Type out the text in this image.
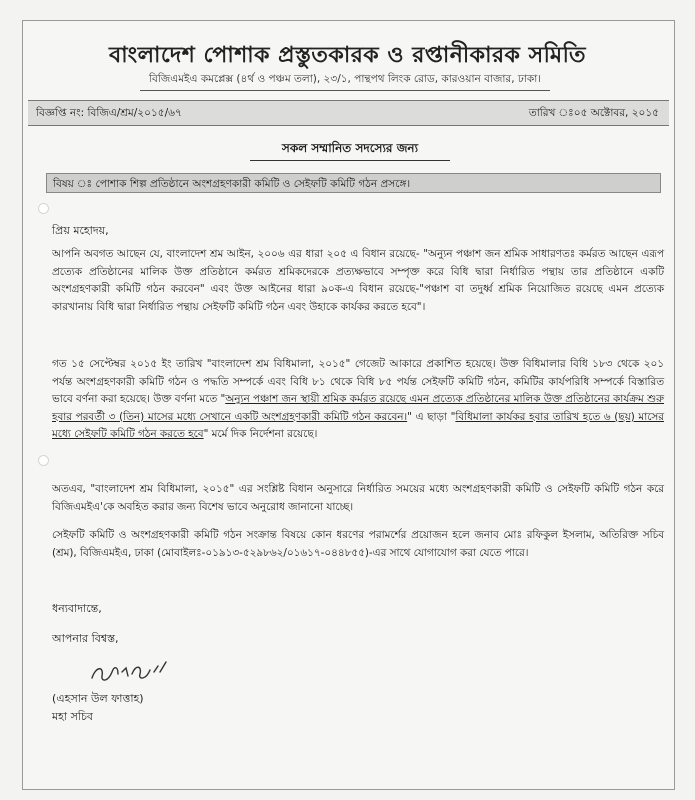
বাংলাদেশ পোশাক প্রস্তুতকারক ও রপ্তানীকারক সমিতি
বিজিএমইএ কমপ্লেক্স (৪র্থ ও পঞ্চম তলা), ২৩/১, পান্থপথ লিংক রোড, কারওয়ান বাজার, ঢাকা।
বিজ্ঞপ্তি নং: বিজিএ/শ্রম/২০১৫/৬৭	তারিখ ঃ০৫ অক্টোবর, ২০১৫
সকল সম্মানিত সদস্যের জন্য
বিষয় ঃ পোশাক শিল্প প্রতিষ্ঠানে অংশগ্রহণকারী কমিটি ও সেইফটি কমিটি গঠন প্রসঙ্গে।
প্রিয় মহোদয়,
আপনি অবগত আছেন যে, বাংলাদেশ শ্রম আইন, ২০০৬ এর ধারা ২০৫ এ বিধান রয়েছে- "অন্যুন পঞ্চাশ জন শ্রমিক সাধারণতঃ কর্মরত আছেন এরূপ প্রত্যেক প্রতিষ্ঠানের মালিক উক্ত প্রতিষ্ঠানে কর্মরত শ্রমিকদেরকে প্রত্যক্ষভাবে সম্পৃক্ত করে বিধি দ্বারা নির্ধারিত পন্থায় তার প্রতিষ্ঠানে একটি অংশগ্রহণকারী কমিটি গঠন করবেন" এবং উক্ত আইনের ধারা ৯০ক-এ বিধান রয়েছে-"পঞ্চাশ বা তদুর্ধ্ব শ্রমিক নিয়োজিত রয়েছে এমন প্রত্যেক কারখানায় বিধি দ্বারা নির্ধারিত পন্থায় সেইফটি কমিটি গঠন এবং উহাকে কার্যকর করতে হবে"।
গত ১৫ সেপ্টেম্বর ২০১৫ ইং তারিখ "বাংলাদেশ শ্রম বিধিমালা, ২০১৫" গেজেট আকারে প্রকাশিত হয়েছে। উক্ত বিধিমালার বিধি ১৮৩ থেকে ২০১ পর্যন্ত অংশগ্রহণকারী কমিটি গঠন ও পদ্ধতি সম্পর্কে এবং বিধি ৮১ থেকে বিধি ৮৫ পর্যন্ত সেইফটি কমিটি গঠন, কমিটির কার্যপরিধি সম্পর্কে বিস্তারিত ভাবে বর্ণনা করা হয়েছে। উক্ত বর্ণনা মতে "অন্যুন পঞ্চাশ জন স্থায়ী শ্রমিক কর্মরত রয়েছে এমন প্রত্যেক প্রতিষ্ঠানের মালিক উক্ত প্রতিষ্ঠানের কার্যক্রম শুরু হবার পরবর্তী ৩ (তিন) মাসের মধ্যে সেখানে একটি অংশগ্রহণকারী কমিটি গঠন করবেন।" এ ছাড়া "বিধিমালা কার্যকর হবার তারিখ হতে ৬ (ছয়) মাসের মধ্যে সেইফটি কমিটি গঠন করতে হবে" মর্মে দিক নির্দেশনা রয়েছে।
অতএব, "বাংলাদেশ শ্রম বিধিমালা, ২০১৫" এর সংশ্লিষ্ট বিধান অনুসারে নির্ধারিত সময়ের মধ্যে অংশগ্রহণকারী কমিটি ও সেইফটি কমিটি গঠন করে বিজিএমইএ'কে অবহিত করার জন্য বিশেষ ভাবে অনুরোধ জানানো যাচ্ছে।
সেইফটি কমিটি ও অংশগ্রহণকারী কমিটি গঠন সংক্রান্ত বিষয়ে কোন ধরণের পরামর্শের প্রয়োজন হলে জনাব মোঃ রফিকুল ইসলাম, অতিরিক্ত সচিব (শ্রম), বিজিএমইএ, ঢাকা (মোবাইলঃ-০১৯১৩-৫২৯৮৬২/০১৬১৭-০৪৪৮৫৫)-এর সাথে যোগাযোগ করা যেতে পারে।
ধন্যবাদান্তে,
আপনার বিশ্বস্ত,
(এহসান উল ফাত্তাহ)
মহা সচিব
